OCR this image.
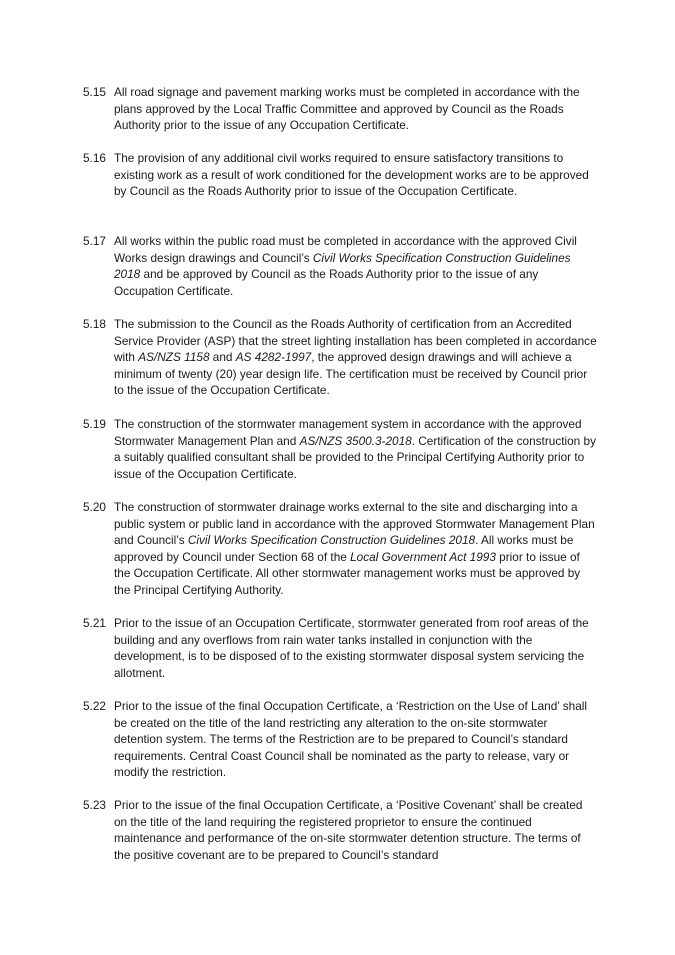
5.15 All road signage and pavement marking works must be completed in accordance with the plans approved by the Local Traffic Committee and approved by Council as the Roads Authority prior to the issue of any Occupation Certificate.
5.16 The provision of any additional civil works required to ensure satisfactory transitions to existing work as a result of work conditioned for the development works are to be approved by Council as the Roads Authority prior to issue of the Occupation Certificate.
5.17 All works within the public road must be completed in accordance with the approved Civil Works design drawings and Council’s Civil Works Specification Construction Guidelines 2018 and be approved by Council as the Roads Authority prior to the issue of any Occupation Certificate.
5.18 The submission to the Council as the Roads Authority of certification from an Accredited Service Provider (ASP) that the street lighting installation has been completed in accordance with AS/NZS 1158 and AS 4282-1997, the approved design drawings and will achieve a minimum of twenty (20) year design life. The certification must be received by Council prior to the issue of the Occupation Certificate.
5.19 The construction of the stormwater management system in accordance with the approved Stormwater Management Plan and AS/NZS 3500.3-2018. Certification of the construction by a suitably qualified consultant shall be provided to the Principal Certifying Authority prior to issue of the Occupation Certificate.
5.20 The construction of stormwater drainage works external to the site and discharging into a public system or public land in accordance with the approved Stormwater Management Plan and Council’s Civil Works Specification Construction Guidelines 2018. All works must be approved by Council under Section 68 of the Local Government Act 1993 prior to issue of the Occupation Certificate. All other stormwater management works must be approved by the Principal Certifying Authority.
5.21 Prior to the issue of an Occupation Certificate, stormwater generated from roof areas of the building and any overflows from rain water tanks installed in conjunction with the development, is to be disposed of to the existing stormwater disposal system servicing the allotment.
5.22 Prior to the issue of the final Occupation Certificate, a ‘Restriction on the Use of Land’ shall be created on the title of the land restricting any alteration to the on-site stormwater detention system. The terms of the Restriction are to be prepared to Council’s standard requirements. Central Coast Council shall be nominated as the party to release, vary or modify the restriction.
5.23 Prior to the issue of the final Occupation Certificate, a ‘Positive Covenant’ shall be created on the title of the land requiring the registered proprietor to ensure the continued maintenance and performance of the on-site stormwater detention structure. The terms of the positive covenant are to be prepared to Council’s standard
